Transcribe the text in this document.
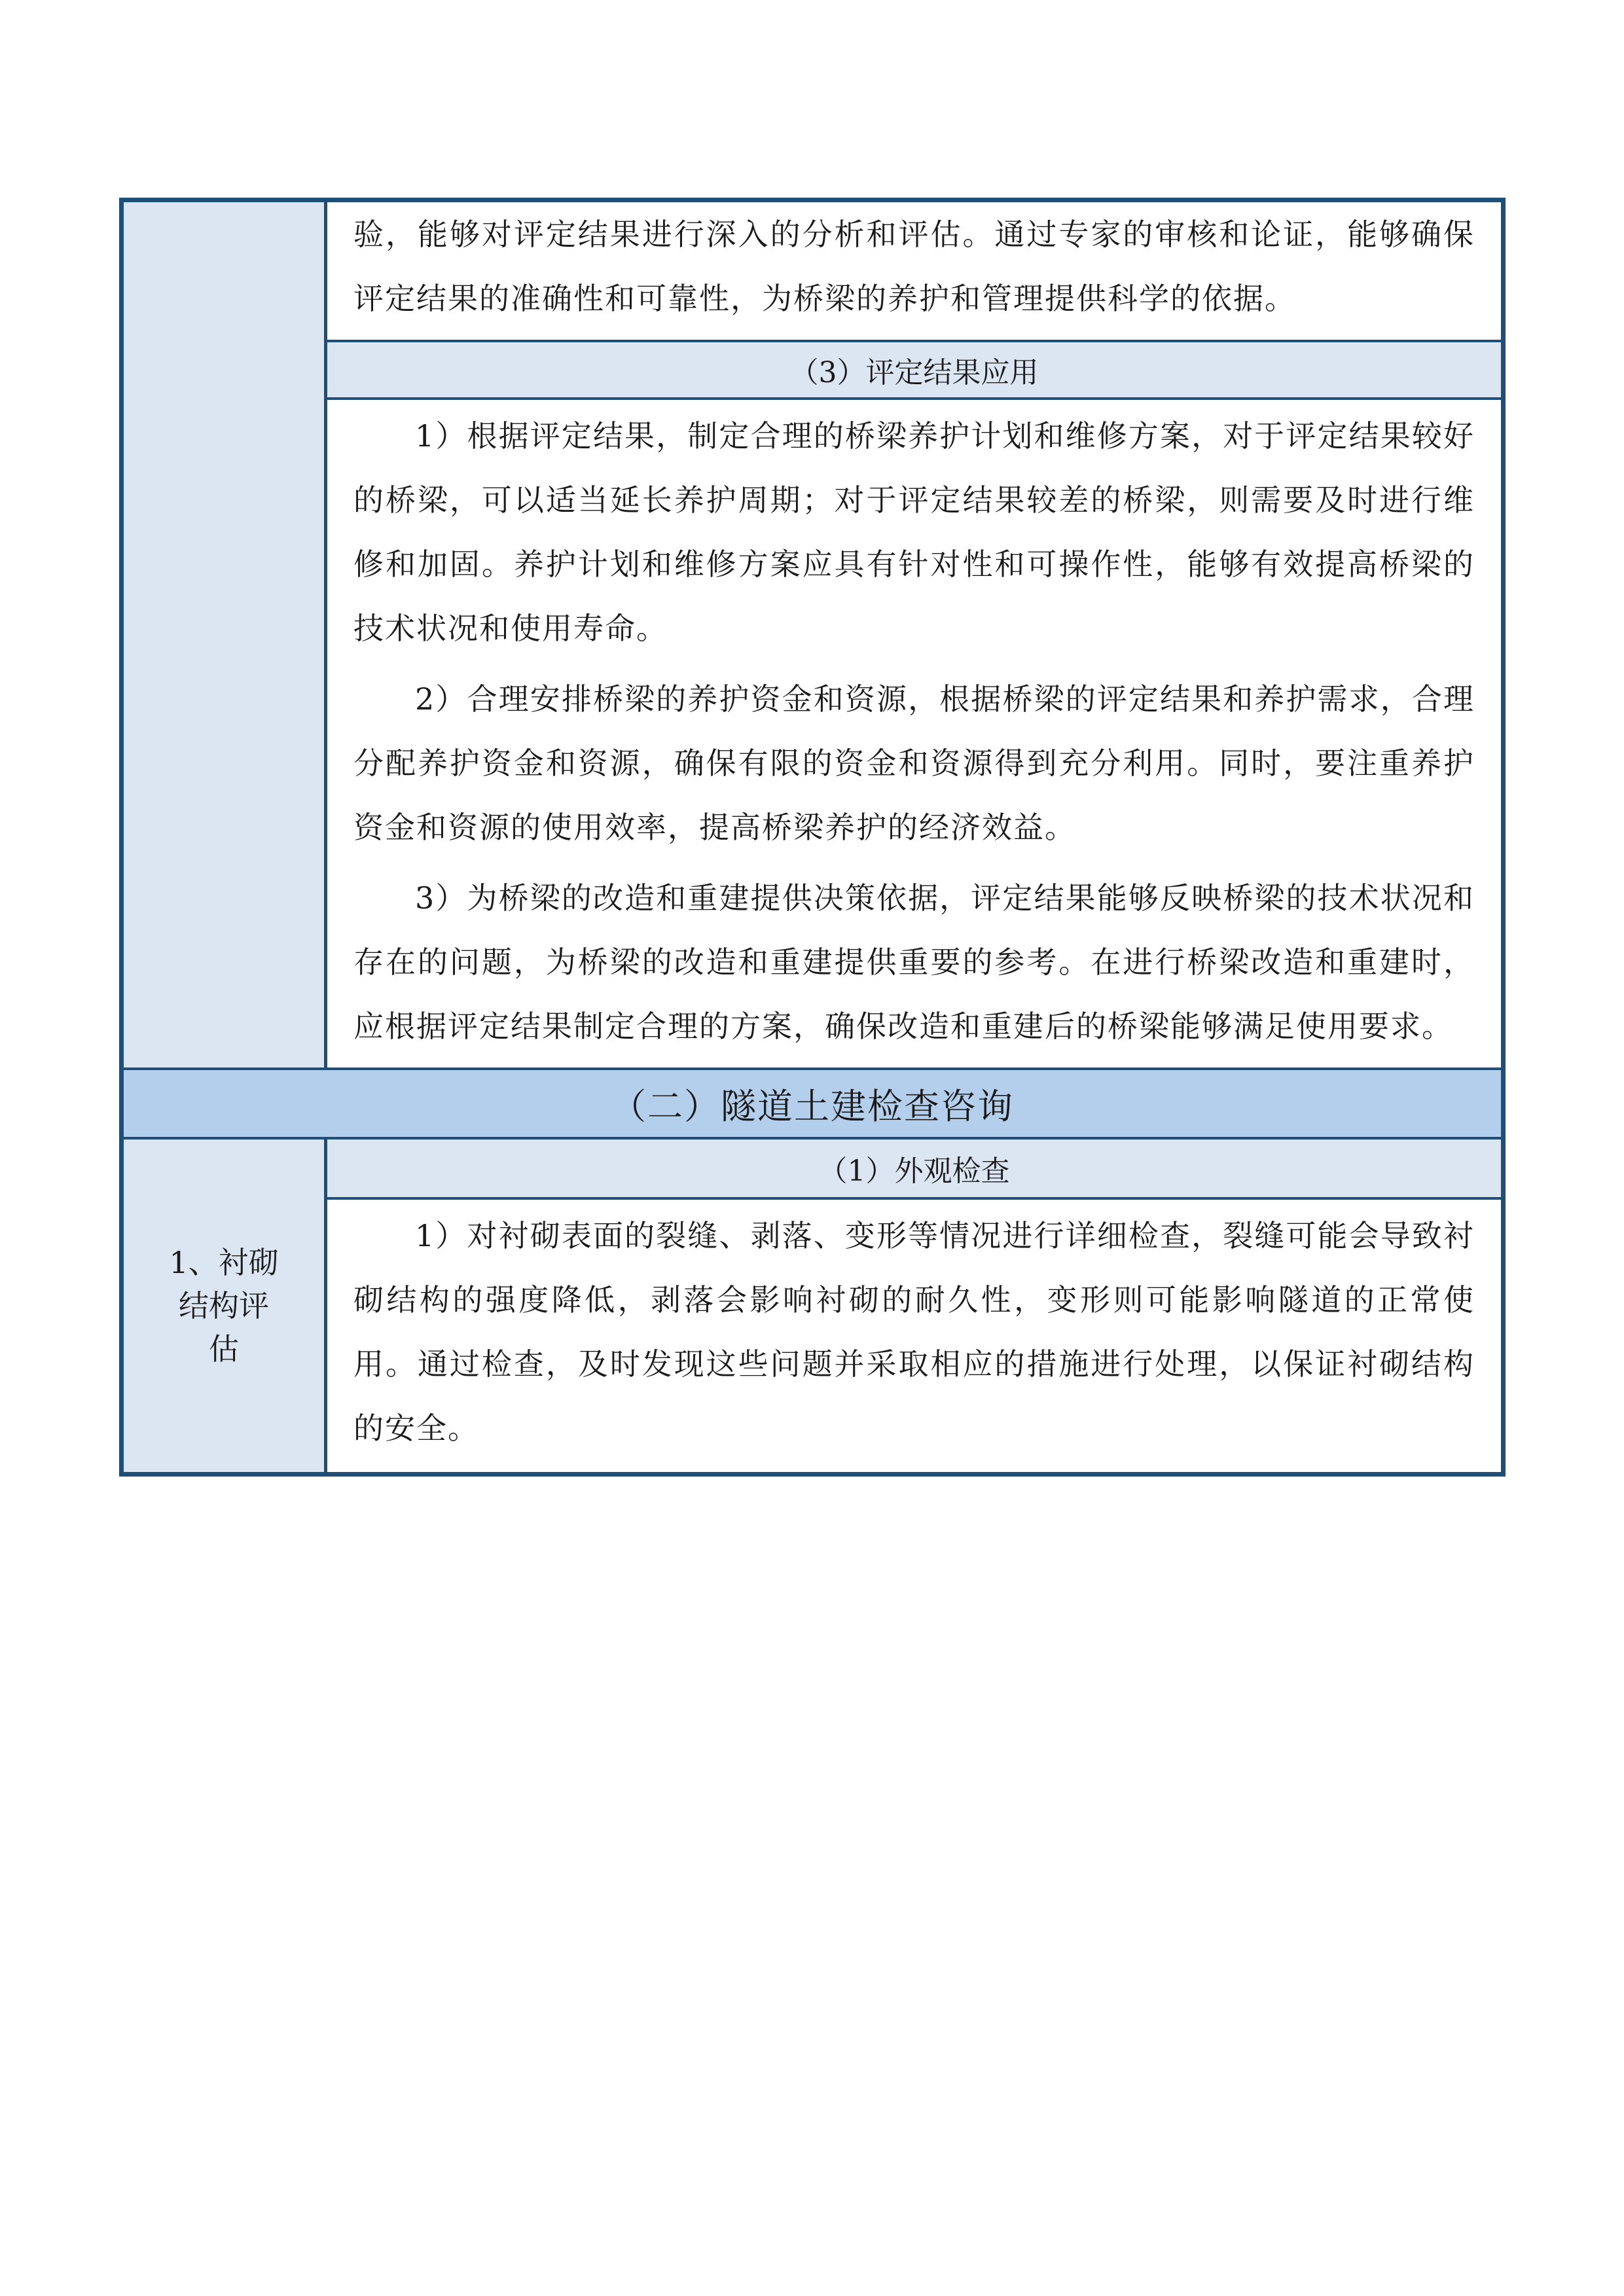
验，能够对评定结果进行深入的分析和评估。通过专家的审核和论证，能够确保评定结果的准确性和可靠性，为桥梁的养护和管理提供科学的依据。

（3）评定结果应用

1）根据评定结果，制定合理的桥梁养护计划和维修方案，对于评定结果较好的桥梁，可以适当延长养护周期；对于评定结果较差的桥梁，则需要及时进行维修和加固。养护计划和维修方案应具有针对性和可操作性，能够有效提高桥梁的技术状况和使用寿命。

2）合理安排桥梁的养护资金和资源，根据桥梁的评定结果和养护需求，合理分配养护资金和资源，确保有限的资金和资源得到充分利用。同时，要注重养护资金和资源的使用效率，提高桥梁养护的经济效益。

3）为桥梁的改造和重建提供决策依据，评定结果能够反映桥梁的技术状况和存在的问题，为桥梁的改造和重建提供重要的参考。在进行桥梁改造和重建时，应根据评定结果制定合理的方案，确保改造和重建后的桥梁能够满足使用要求。

（二）隧道土建检查咨询
1、衬砌结构评估
（1）外观检查

1）对衬砌表面的裂缝、剥落、变形等情况进行详细检查，裂缝可能会导致衬砌结构的强度降低，剥落会影响衬砌的耐久性，变形则可能影响隧道的正常使用。通过检查，及时发现这些问题并采取相应的措施进行处理，以保证衬砌结构的安全。
